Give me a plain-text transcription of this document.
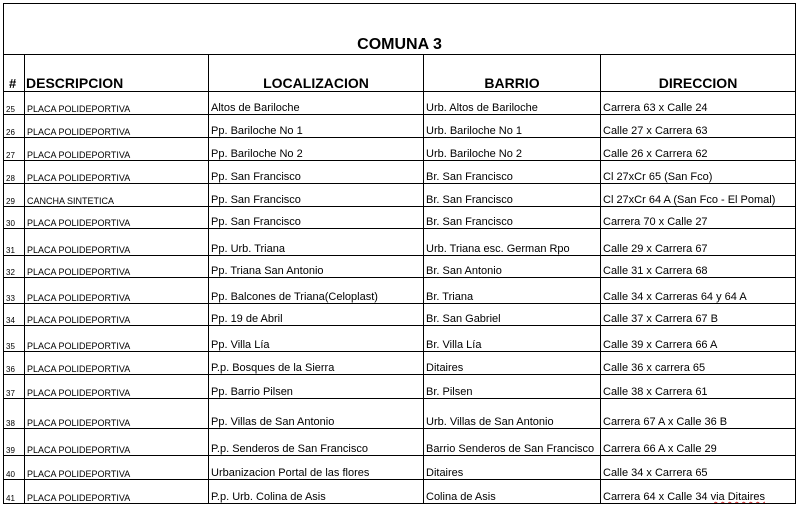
COMUNA 3				
#	DESCRIPCION	LOCALIZACION	BARRIO	DIRECCION
25	PLACA POLIDEPORTIVA	Altos de Bariloche	Urb. Altos de Bariloche	Carrera 63 x Calle 24
26	PLACA POLIDEPORTIVA	Pp. Bariloche No 1	Urb. Bariloche No 1	Calle 27 x Carrera 63
27	PLACA POLIDEPORTIVA	Pp. Bariloche No 2	Urb. Bariloche No 2	Calle 26 x Carrera 62
28	PLACA POLIDEPORTIVA	Pp. San Francisco	Br. San Francisco	Cl 27xCr 65 (San Fco)
29	CANCHA SINTETICA	Pp. San Francisco	Br. San Francisco	Cl 27xCr 64 A (San Fco - El Pomal)
30	PLACA POLIDEPORTIVA	Pp. San Francisco	Br. San Francisco	Carrera 70 x Calle 27
31	PLACA POLIDEPORTIVA	Pp. Urb. Triana	Urb. Triana esc. German Rpo	Calle 29 x Carrera 67
32	PLACA POLIDEPORTIVA	Pp. Triana San Antonio	Br. San Antonio	Calle 31 x Carrera 68
33	PLACA POLIDEPORTIVA	Pp. Balcones de Triana(Celoplast)	Br. Triana	Calle 34 x Carreras 64 y 64 A
34	PLACA POLIDEPORTIVA	Pp. 19 de Abril	Br. San Gabriel	Calle 37 x Carrera 67 B
35	PLACA POLIDEPORTIVA	Pp. Villa Lía	Br. Villa Lía	Calle 39 x Carrera 66 A
36	PLACA POLIDEPORTIVA	P.p. Bosques de la Sierra	Ditaires	Calle 36 x carrera 65
37	PLACA POLIDEPORTIVA	Pp. Barrio Pilsen	Br. Pilsen	Calle 38 x Carrera 61
38	PLACA POLIDEPORTIVA	Pp. Villas de San Antonio	Urb. Villas de San Antonio	Carrera 67 A x Calle 36 B
39	PLACA POLIDEPORTIVA	P.p. Senderos de San Francisco	Barrio Senderos de San Francisco	Carrera 66 A x Calle 29
40	PLACA POLIDEPORTIVA	Urbanizacion Portal de las flores	Ditaires	Calle 34 x Carrera 65
41	PLACA POLIDEPORTIVA	P.p. Urb. Colina de Asis	Colina de Asis	Carrera 64 x Calle 34 via Ditaires
